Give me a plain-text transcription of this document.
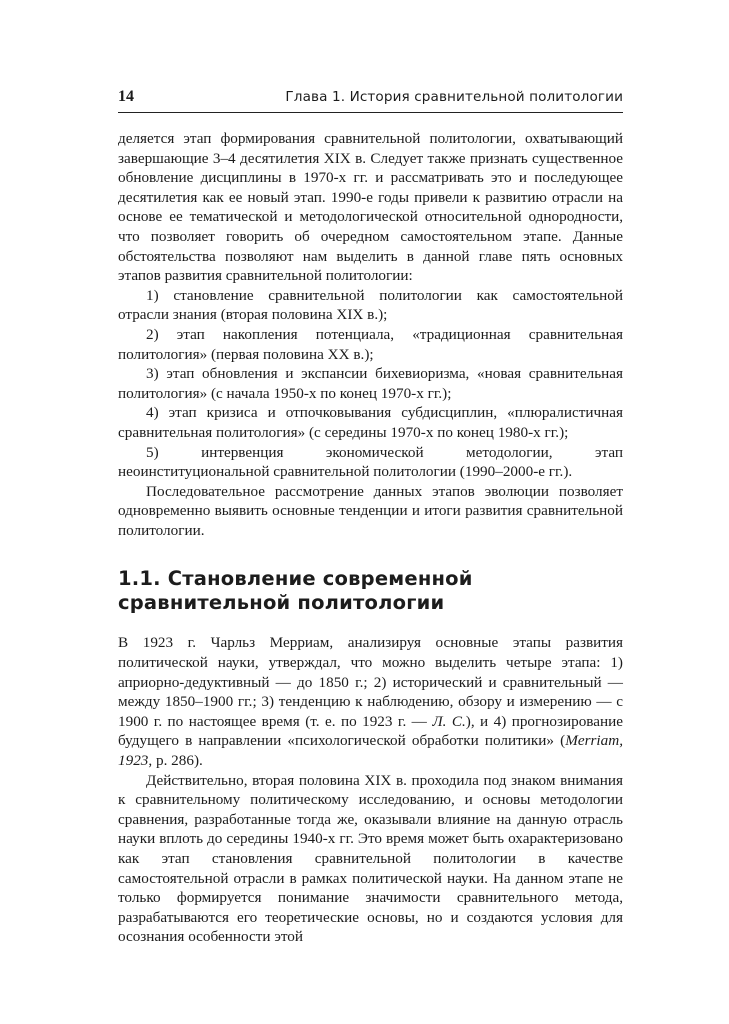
14	Глава 1. История сравнительной политологии

деляется этап формирования сравнительной политологии, охватывающий завершающие 3–4 десятилетия XIX в. Следует также признать существенное обновление дисциплины в 1970-х гг. и рассматривать это и последующее десятилетия как ее новый этап. 1990-е годы привели к развитию отрасли на основе ее тематической и методологической относительной однородности, что позволяет говорить об очередном самостоятельном этапе. Данные обстоятельства позволяют нам выделить в данной главе пять основных этапов развития сравнительной политологии:

1) становление сравнительной политологии как самостоятельной отрасли знания (вторая половина XIX в.);

2) этап накопления потенциала, «традиционная сравнительная политология» (первая половина XX в.);

3) этап обновления и экспансии бихевиоризма, «новая сравнительная политология» (с начала 1950-х по конец 1970-х гг.);

4) этап кризиса и отпочковывания субдисциплин, «плюралистичная сравнительная политология» (с середины 1970-х по конец 1980-х гг.);

5) интервенция экономической методологии, этап неоинституциональной сравнительной политологии (1990–2000-е гг.).

Последовательное рассмотрение данных этапов эволюции позволяет одновременно выявить основные тенденции и итоги развития сравнительной политологии.

1.1. Становление современной
сравнительной политологии

В 1923 г. Чарльз Мерриам, анализируя основные этапы развития политической науки, утверждал, что можно выделить четыре этапа: 1) априорно-дедуктивный — до 1850 г.; 2) исторический и сравнительный — между 1850–1900 гг.; 3) тенденцию к наблюдению, обзору и измерению — с 1900 г. по настоящее время (т. е. по 1923 г. — Л. С.), и 4) прогнозирование будущего в направлении «психологической обработки политики» (Merriam, 1923, p. 286).

Действительно, вторая половина XIX в. проходила под знаком внимания к сравнительному политическому исследованию, и основы методологии сравнения, разработанные тогда же, оказывали влияние на данную отрасль науки вплоть до середины 1940-х гг. Это время может быть охарактеризовано как этап становления сравнительной политологии в качестве самостоятельной отрасли в рамках политической науки. На данном этапе не только формируется понимание значимости сравнительного метода, разрабатываются его теоретические основы, но и создаются условия для осознания особенности этой
